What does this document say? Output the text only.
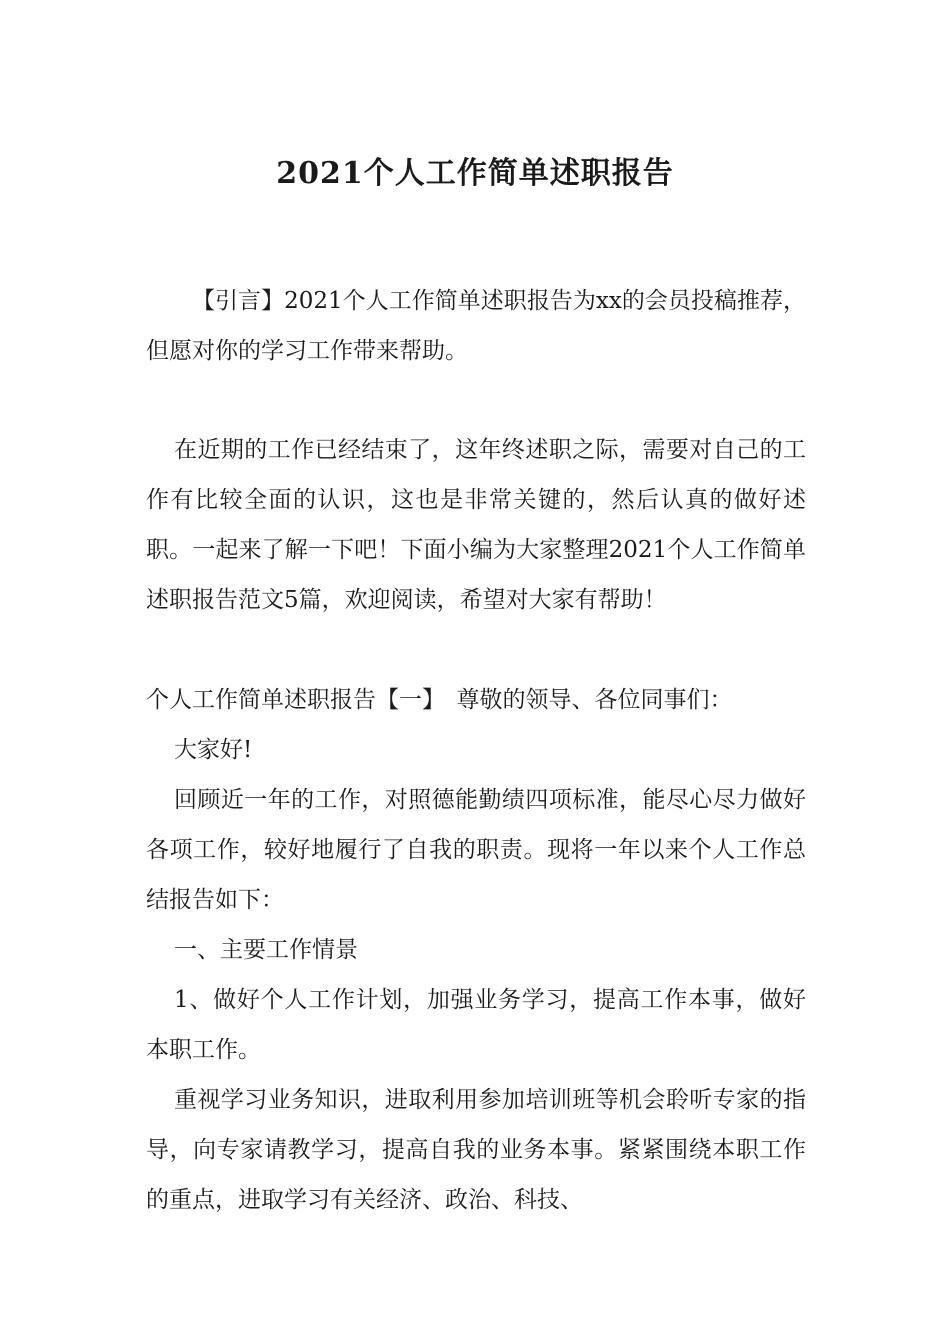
2021个人工作简单述职报告

【引言】2021个人工作简单述职报告为xx的会员投稿推荐，但愿对你的学习工作带来帮助。

在近期的工作已经结束了，这年终述职之际，需要对自己的工作有比较全面的认识，这也是非常关键的，然后认真的做好述职。一起来了解一下吧！下面小编为大家整理2021个人工作简单述职报告范文5篇，欢迎阅读，希望对大家有帮助！

个人工作简单述职报告【一】　尊敬的领导、各位同事们：

大家好!

回顾近一年的工作，对照德能勤绩四项标准，能尽心尽力做好各项工作，较好地履行了自我的职责。现将一年以来个人工作总结报告如下：

一、主要工作情景

1、做好个人工作计划，加强业务学习，提高工作本事，做好本职工作。

重视学习业务知识，进取利用参加培训班等机会聆听专家的指导，向专家请教学习，提高自我的业务本事。紧紧围绕本职工作的重点，进取学习有关经济、政治、科技、
